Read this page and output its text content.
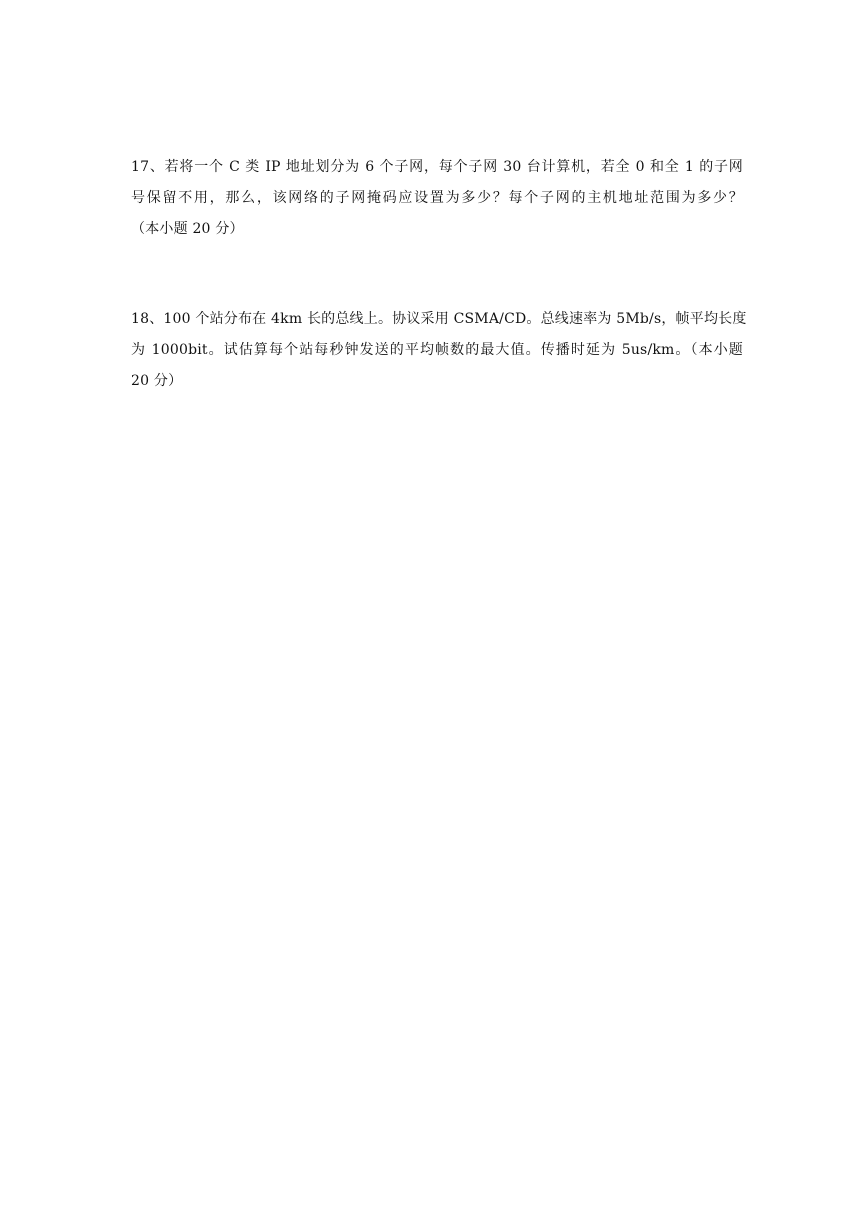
17、若将一个 C 类 IP 地址划分为 6 个子网，每个子网 30 台计算机，若全 0 和全 1 的子网
号保留不用，那么，该网络的子网掩码应设置为多少？每个子网的主机地址范围为多少？
（本小题 20 分）
18、100 个站分布在 4km 长的总线上。协议采用 CSMA/CD。总线速率为 5Mb/s，帧平均长度
为 1000bit。试估算每个站每秒钟发送的平均帧数的最大值。传播时延为 5us/km。（本小题
20 分）
